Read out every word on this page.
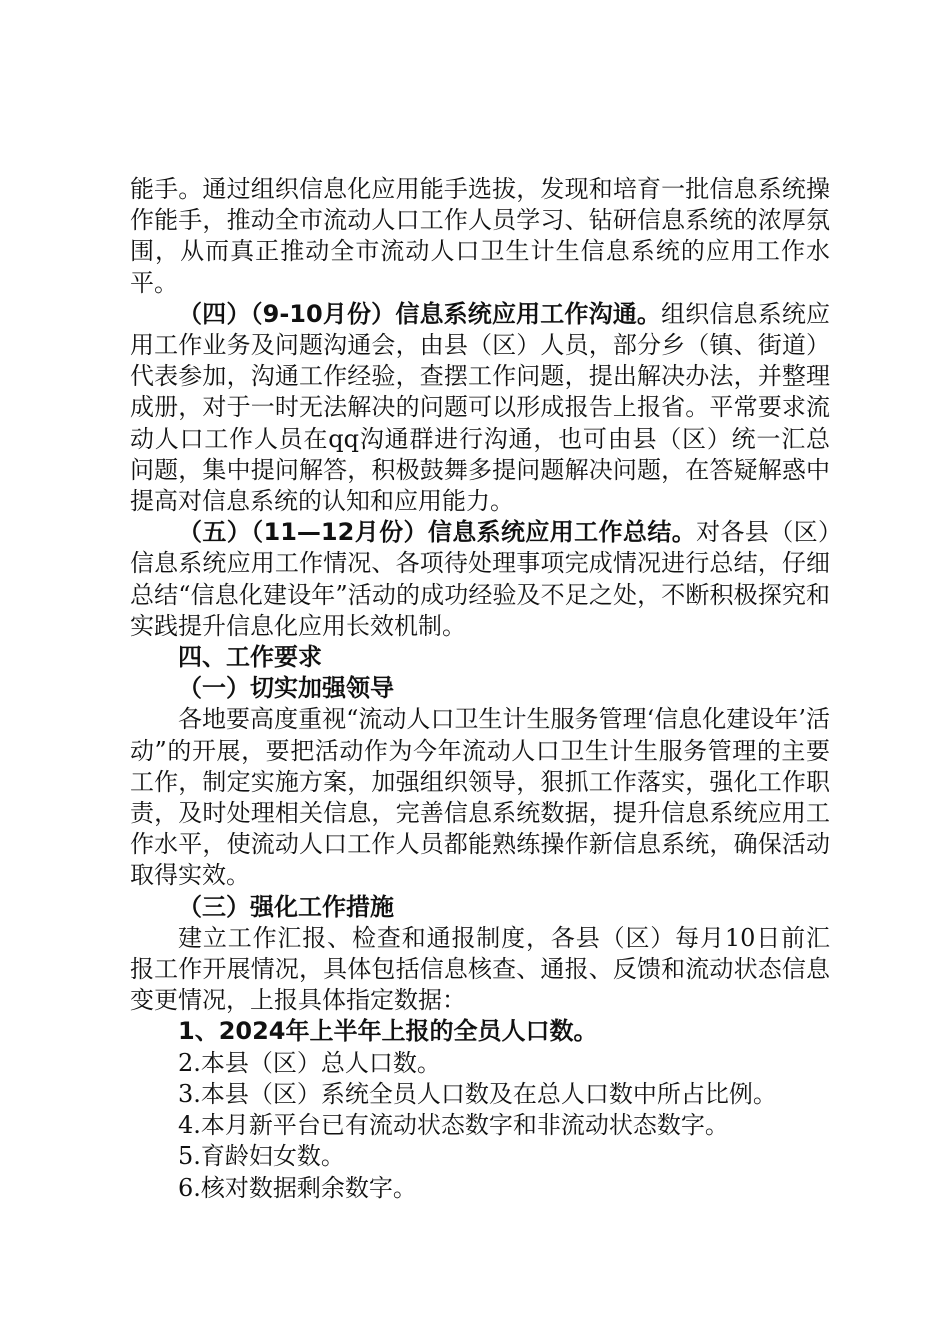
能手。通过组织信息化应用能手选拔，发现和培育一批信息系统操作能手，推动全市流动人口工作人员学习、钻研信息系统的浓厚氛围，从而真正推动全市流动人口卫生计生信息系统的应用工作水平。

（四）（9-10月份）信息系统应用工作沟通。组织信息系统应用工作业务及问题沟通会，由县（区）人员，部分乡（镇、街道）代表参加，沟通工作经验，查摆工作问题，提出解决办法，并整理成册，对于一时无法解决的问题可以形成报告上报省。平常要求流动人口工作人员在qq沟通群进行沟通，也可由县（区）统一汇总问题，集中提问解答，积极鼓舞多提问题解决问题，在答疑解惑中提高对信息系统的认知和应用能力。

（五）（11—12月份）信息系统应用工作总结。对各县（区）信息系统应用工作情况、各项待处理事项完成情况进行总结，仔细总结“信息化建设年”活动的成功经验及不足之处，不断积极探究和实践提升信息化应用长效机制。

四、工作要求

（一）切实加强领导

各地要高度重视“流动人口卫生计生服务管理‘信息化建设年’活动”的开展，要把活动作为今年流动人口卫生计生服务管理的主要工作，制定实施方案，加强组织领导，狠抓工作落实，强化工作职责，及时处理相关信息，完善信息系统数据，提升信息系统应用工作水平，使流动人口工作人员都能熟练操作新信息系统，确保活动取得实效。

（三）强化工作措施

建立工作汇报、检查和通报制度，各县（区）每月10日前汇报工作开展情况，具体包括信息核查、通报、反馈和流动状态信息变更情况，上报具体指定数据：

1、2024年上半年上报的全员人口数。

2.本县（区）总人口数。

3.本县（区）系统全员人口数及在总人口数中所占比例。

4.本月新平台已有流动状态数字和非流动状态数字。

5.育龄妇女数。

6.核对数据剩余数字。
